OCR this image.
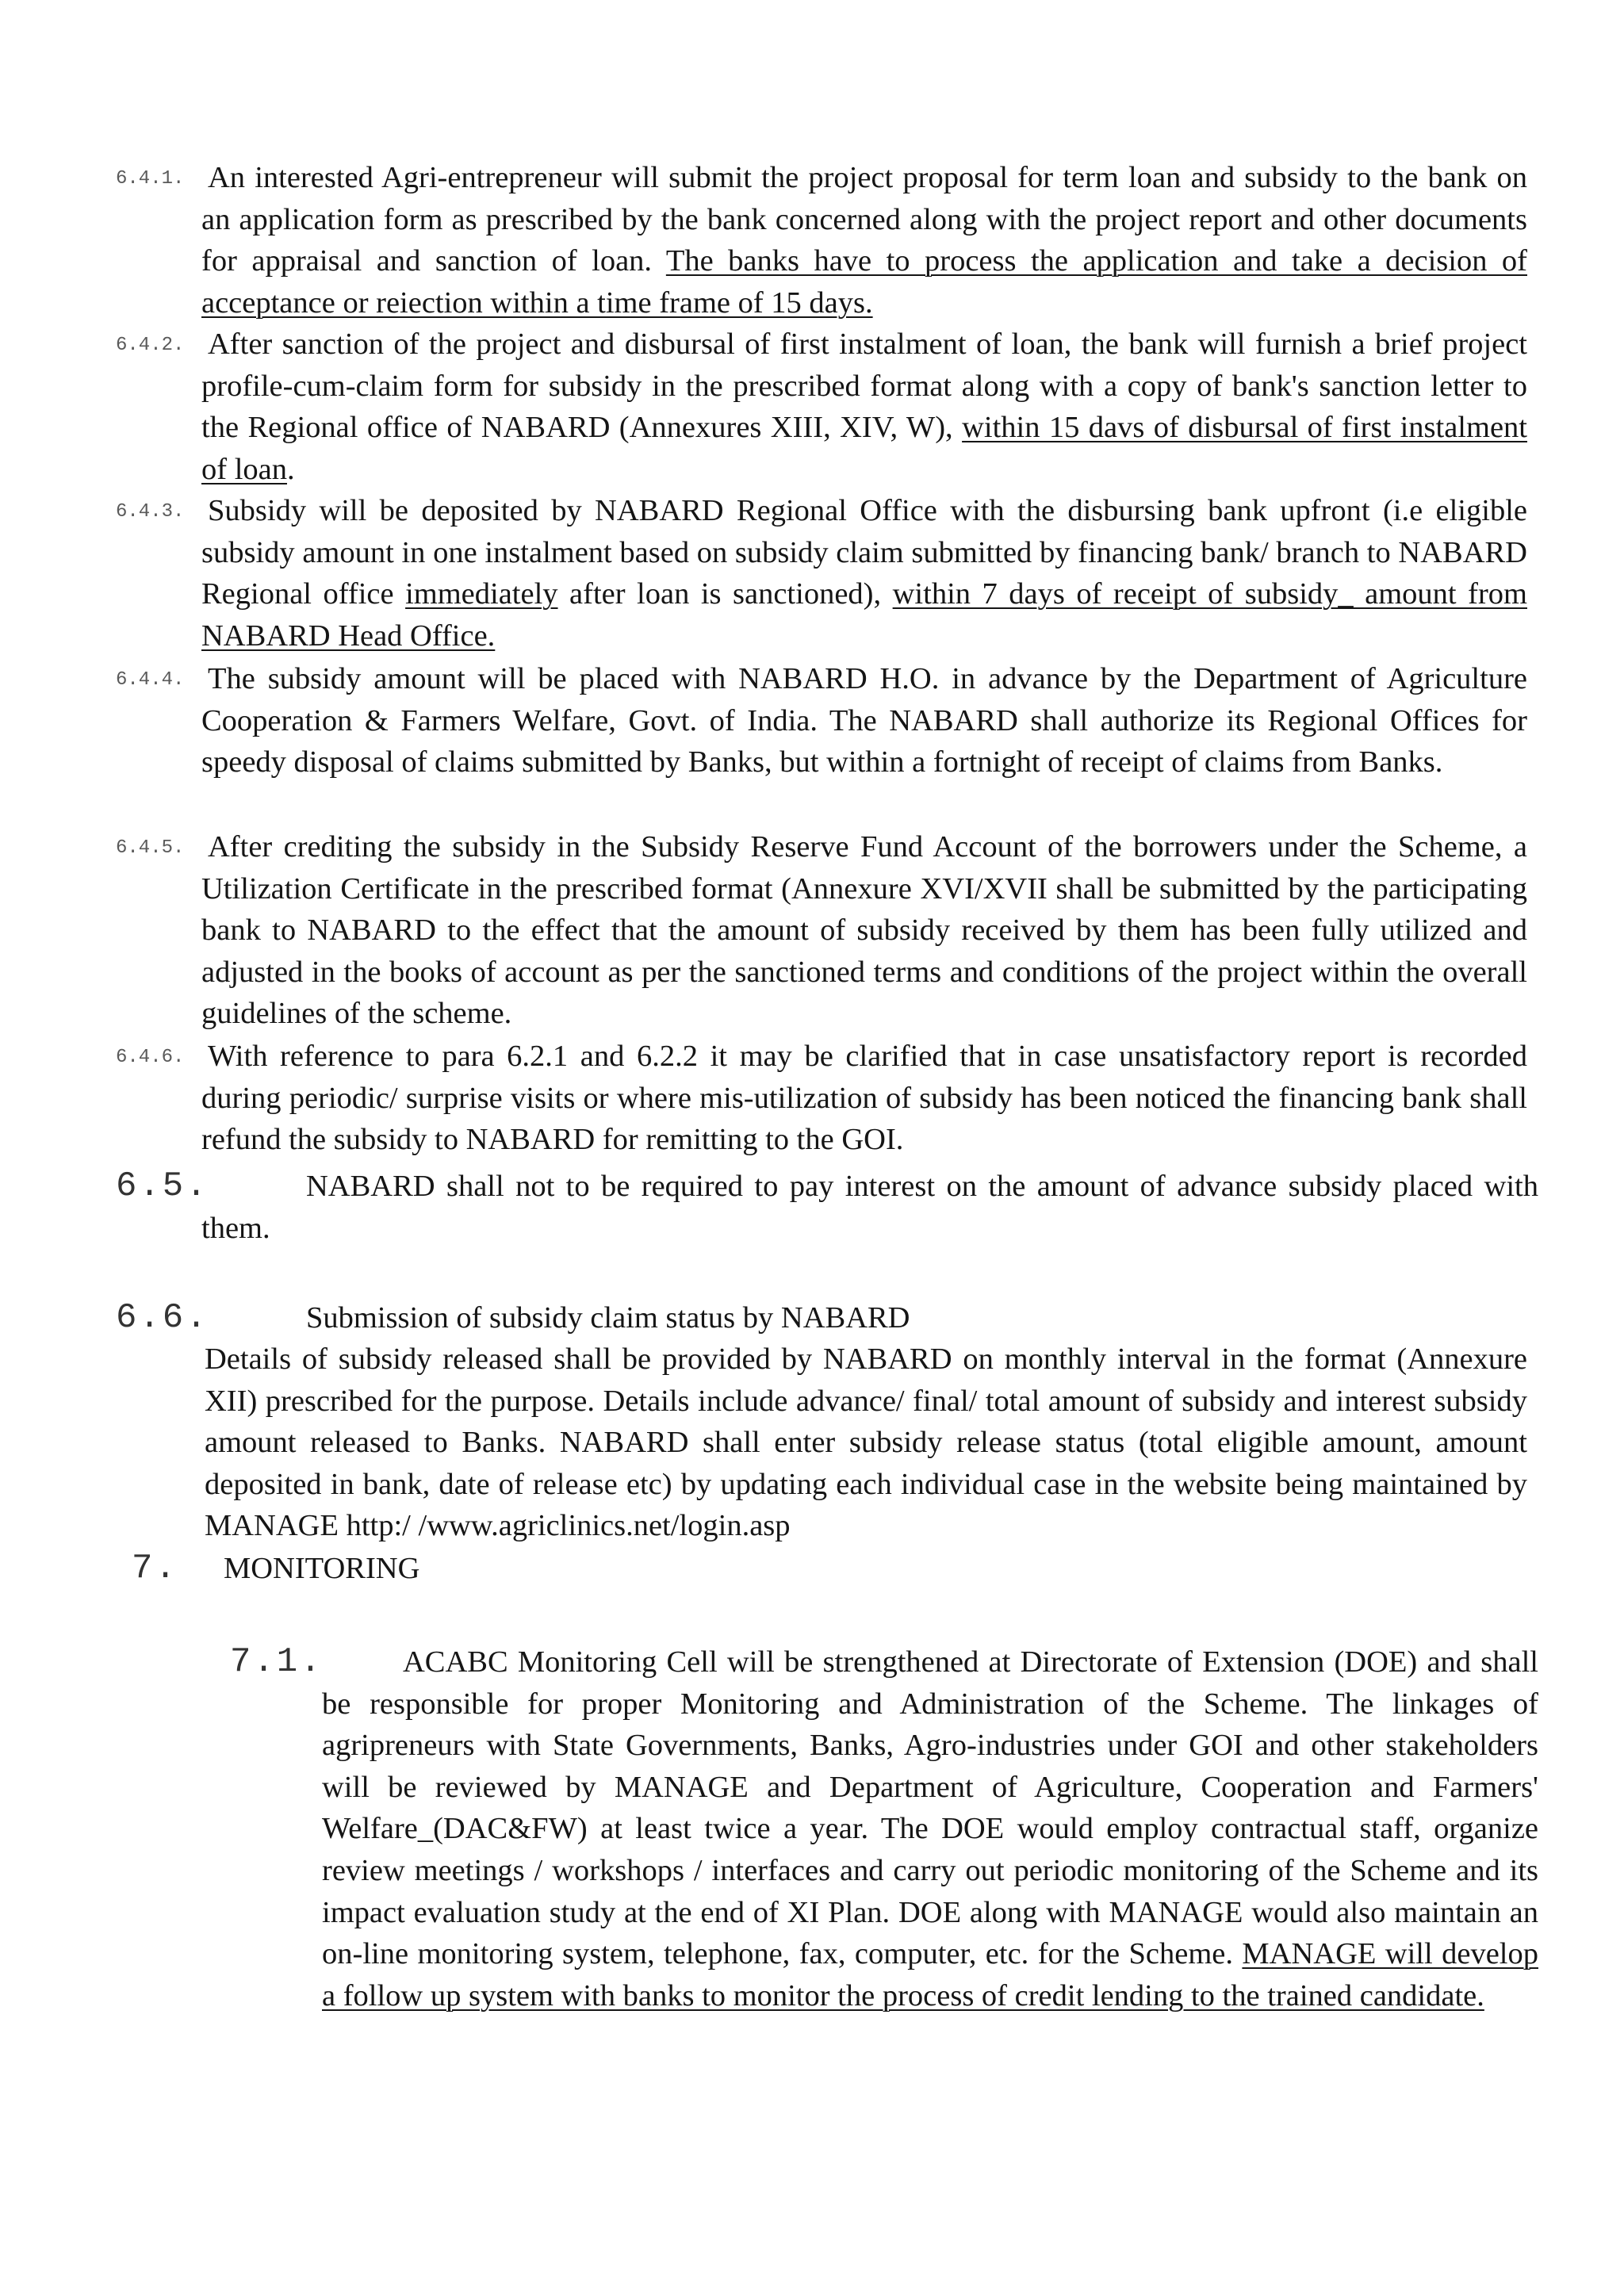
6.4.1. An interested Agri-entrepreneur will submit the project proposal for term loan and subsidy to the bank on an application form as prescribed by the bank concerned along with the project report and other documents for appraisal and sanction of loan. The banks have to process the application and take a decision of acceptance or reiection within a time frame of 15 days.
6.4.2. After sanction of the project and disbursal of first instalment of loan, the bank will furnish a brief project profile-cum-claim form for subsidy in the prescribed format along with a copy of bank's sanction letter to the Regional office of NABARD (Annexures XIII, XIV, W), within 15 davs of disbursal of first instalment of loan.
6.4.3. Subsidy will be deposited by NABARD Regional Office with the disbursing bank upfront (i.e eligible subsidy amount in one instalment based on subsidy claim submitted by financing bank/ branch to NABARD Regional office immediately after loan is sanctioned), within 7 days of receipt of subsidy_ amount from NABARD Head Office.
6.4.4. The subsidy amount will be placed with NABARD H.O. in advance by the Department of Agriculture Cooperation & Farmers Welfare, Govt. of India. The NABARD shall authorize its Regional Offices for speedy disposal of claims submitted by Banks, but within a fortnight of receipt of claims from Banks.
6.4.5. After crediting the subsidy in the Subsidy Reserve Fund Account of the borrowers under the Scheme, a Utilization Certificate in the prescribed format (Annexure XVI/XVII shall be submitted by the participating bank to NABARD to the effect that the amount of subsidy received by them has been fully utilized and adjusted in the books of account as per the sanctioned terms and conditions of the project within the overall guidelines of the scheme.
6.4.6. With reference to para 6.2.1 and 6.2.2 it may be clarified that in case unsatisfactory report is recorded during periodic/ surprise visits or where mis-utilization of subsidy has been noticed the financing bank shall refund the subsidy to NABARD for remitting to the GOI.
6.5.	NABARD shall not to be required to pay interest on the amount of advance subsidy placed with them.
6.6.	Submission of subsidy claim status by NABARD
Details of subsidy released shall be provided by NABARD on monthly interval in the format (Annexure XII) prescribed for the purpose. Details include advance/ final/ total amount of subsidy and interest subsidy amount released to Banks. NABARD shall enter subsidy release status (total eligible amount, amount deposited in bank, date of release etc) by updating each individual case in the website being maintained by MANAGE http:/ /www.agriclinics.net/login.asp
7. MONITORING
7.1.	ACABC Monitoring Cell will be strengthened at Directorate of Extension (DOE) and shall be responsible for proper Monitoring and Administration of the Scheme. The linkages of agripreneurs with State Governments, Banks, Agro-industries under GOI and other stakeholders will be reviewed by MANAGE and Department of Agriculture, Cooperation and Farmers' Welfare_(DAC&FW) at least twice a year. The DOE would employ contractual staff, organize review meetings / workshops / interfaces and carry out periodic monitoring of the Scheme and its impact evaluation study at the end of XI Plan. DOE along with MANAGE would also maintain an on-line monitoring system, telephone, fax, computer, etc. for the Scheme. MANAGE will develop a follow up system with banks to monitor the process of credit lending to the trained candidate.
